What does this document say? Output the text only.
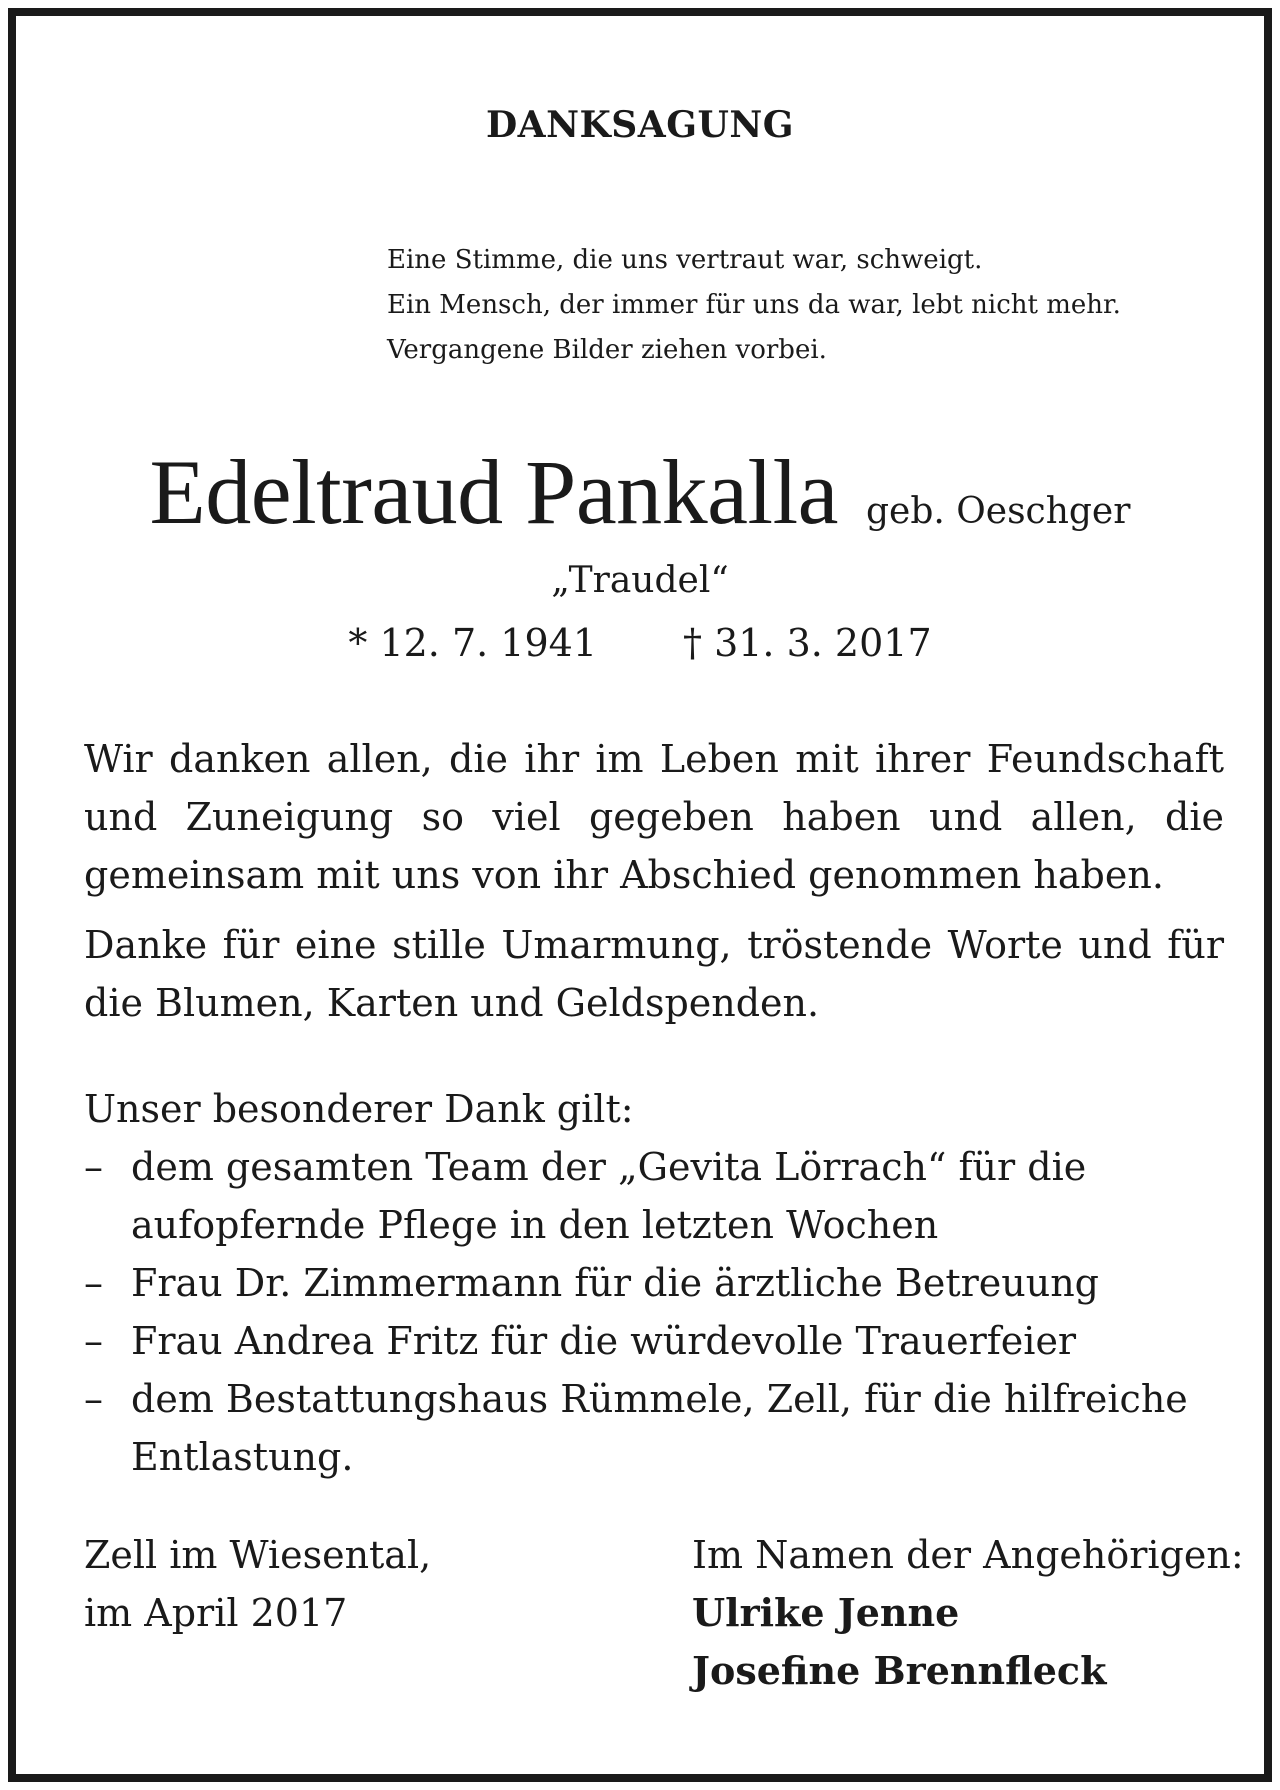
DANKSAGUNG
Eine Stimme, die uns vertraut war, schweigt.
Ein Mensch, der immer für uns da war, lebt nicht mehr.
Vergangene Bilder ziehen vorbei.
Edeltraud Pankalla geb. Oeschger
„Traudel“
* 12. 7. 1941 † 31. 3. 2017
Wir danken allen, die ihr im Leben mit ihrer Feundschaft und Zuneigung so viel gegeben haben und allen, die gemeinsam mit uns von ihr Abschied genommen haben.
Danke für eine stille Umarmung, tröstende Worte und für die Blumen, Karten und Geldspenden.
Unser besonderer Dank gilt:
– dem gesamten Team der „Gevita Lörrach“ für die aufopfernde Pflege in den letzten Wochen
– Frau Dr. Zimmermann für die ärztliche Betreuung
– Frau Andrea Fritz für die würdevolle Trauerfeier
– dem Bestattungshaus Rümmele, Zell, für die hilfreiche Entlastung.
Zell im Wiesental,
im April 2017
Im Namen der Angehörigen:
Ulrike Jenne
Josefine Brennfleck
